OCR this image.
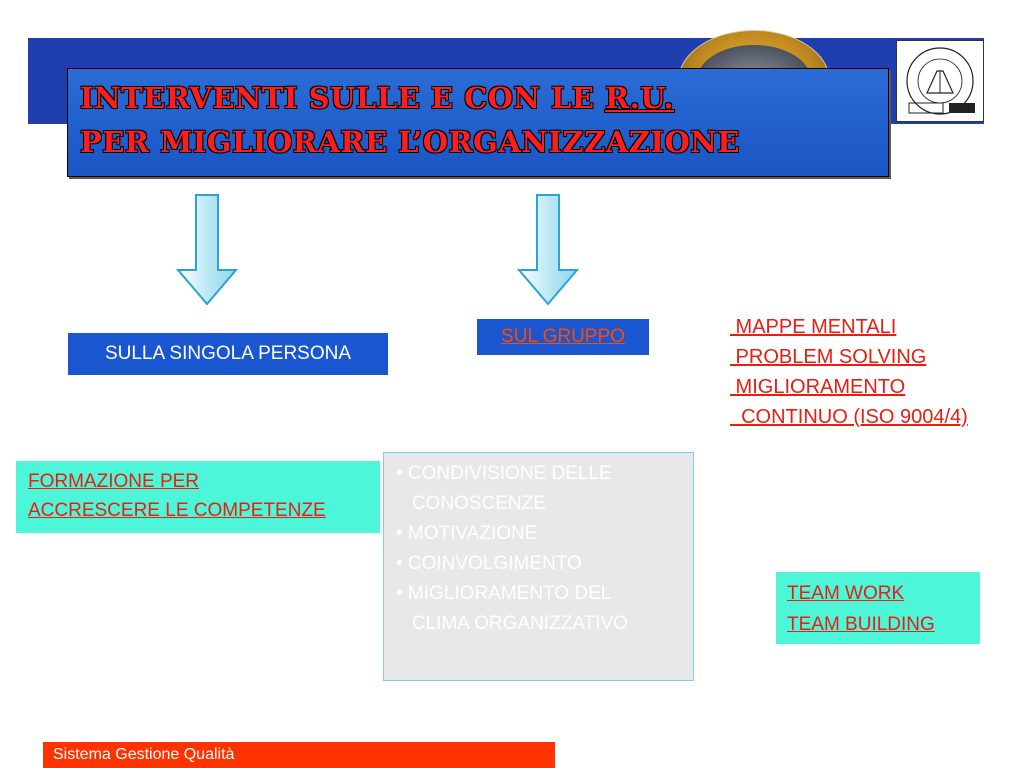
INTERVENTI SULLE E CON LE R.U.
PER MIGLIORARE L’ORGANIZZAZIONE
SULLA SINGOLA PERSONA
SUL GRUPPO	MAPPE MENTALI
PROBLEM SOLVING
MIGLIORAMENTO
CONTINUO (ISO 9004/4)
FORMAZIONE PER
ACCRESCERE LE COMPETENZE
• CONDIVISIONE DELLE
CONOSCENZE
• MOTIVAZIONE
• COINVOLGIMENTO
• MIGLIORAMENTO DEL
CLIMA ORGANIZZATIVO
TEAM WORK
TEAM BUILDING
Sistema Gestione Qualità
